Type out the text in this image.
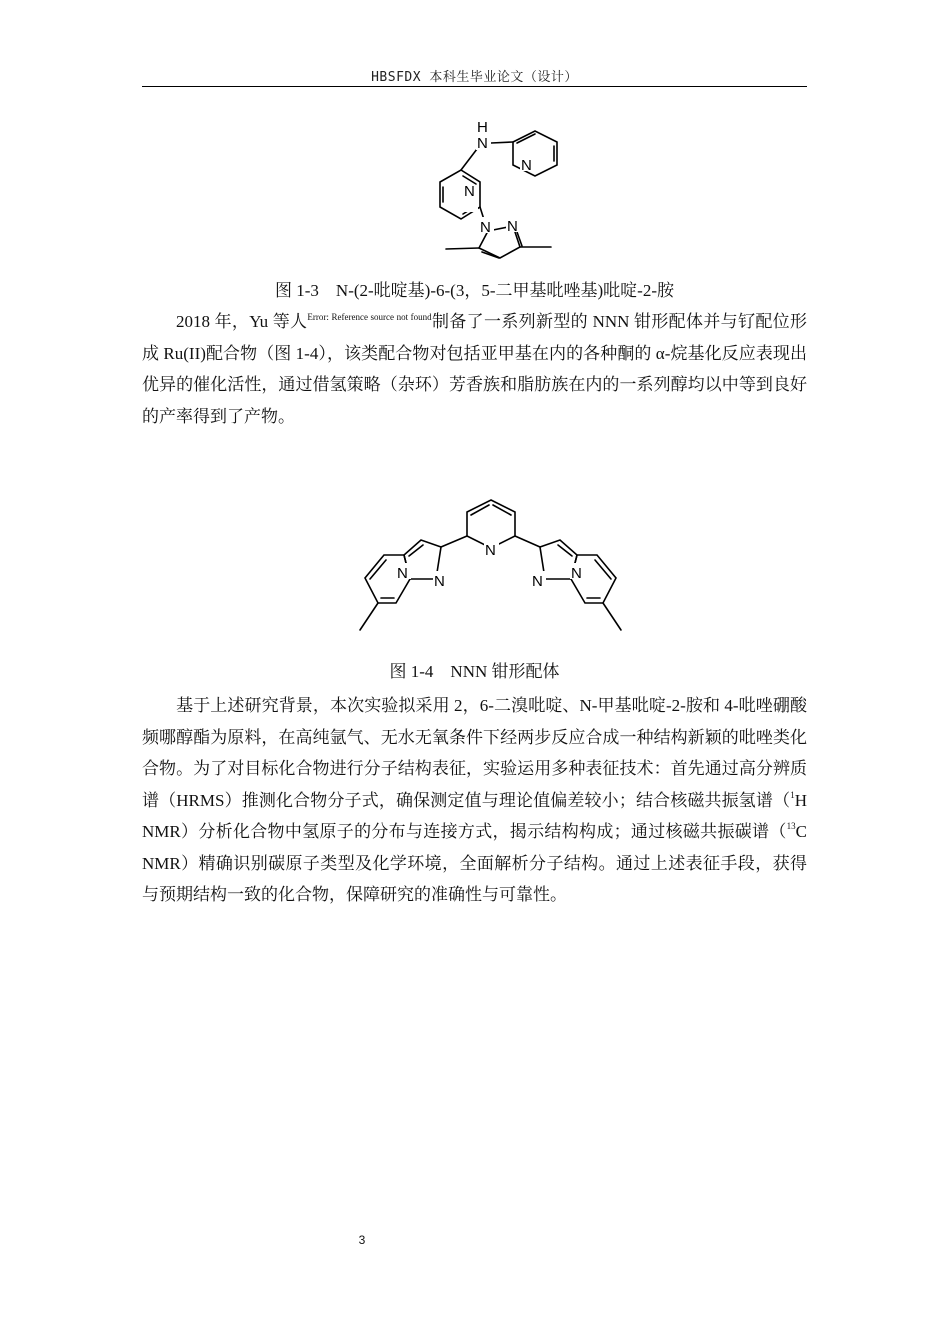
HBSFDX 本科生毕业论文（设计）
H
N
N
N
N N
图 1-3　N-(2-吡啶基)-6-(3，5-二甲基吡唑基)吡啶-2-胺

2018 年，Yu 等人$^{Error: Reference source not found}$制备了一系列新型的 NNN 钳形配体并与钌配位形成 Ru(II)配合物（图 1-4），该类配合物对包括亚甲基在内的各种酮的 α-烷基化反应表现出优异的催化活性，通过借氢策略（杂环）芳香族和脂肪族在内的一系列醇均以中等到良好的产率得到了产物。

N
N N	N N
图 1-4　NNN 钳形配体

基于上述研究背景，本次实验拟采用 2，6-二溴吡啶、N-甲基吡啶-2-胺和 4-吡唑硼酸频哪醇酯为原料，在高纯氩气、无水无氧条件下经两步反应合成一种结构新颖的吡唑类化合物。为了对目标化合物进行分子结构表征，实验运用多种表征技术：首先通过高分辨质谱（HRMS）推测化合物分子式，确保测定值与理论值偏差较小；结合核磁共振氢谱（$^1$H NMR）分析化合物中氢原子的分布与连接方式，揭示结构构成；通过核磁共振碳谱（$^{13}$C NMR）精确识别碳原子类型及化学环境，全面解析分子结构。通过上述表征手段，获得与预期结构一致的化合物，保障研究的准确性与可靠性。

3
